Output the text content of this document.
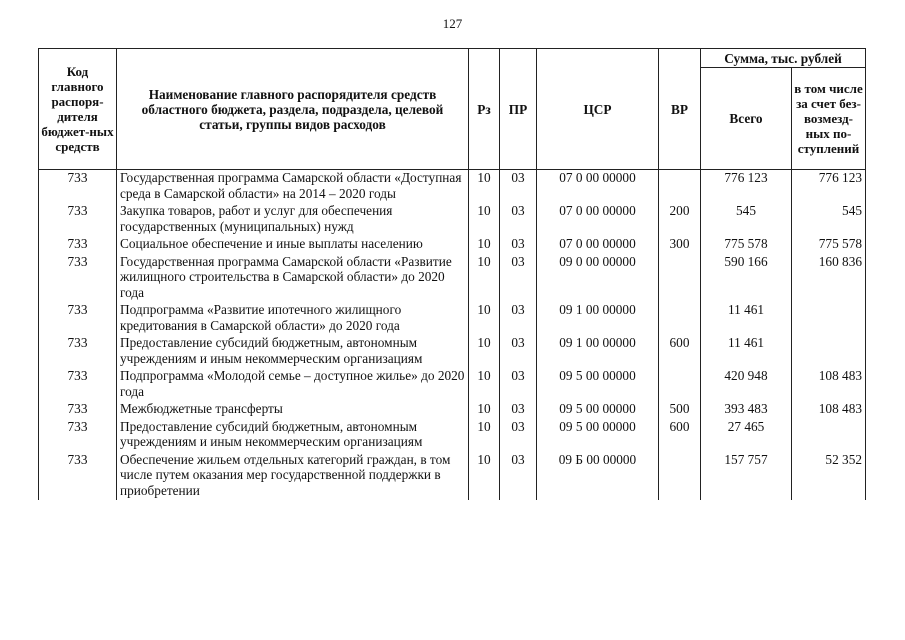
127
Код главного распоря-дителя бюджет-ных средств	Наименование главного распорядителя средств областного бюджета, раздела, подраздела, целевой статьи, группы видов расходов	Рз	ПР	ЦСР	ВР	Сумма, тыс. рублей	
						Всего	в том числе за счет без-возмезд-ных по-ступлений
733	Государственная программа Самарской области «Доступная среда в Самарской области» на 2014 – 2020 годы	10	03	07 0 00 00000		776 123	776 123
733	Закупка товаров, работ и услуг для обеспечения государственных (муниципальных) нужд	10	03	07 0 00 00000	200	545	545
733	Социальное обеспечение и иные выплаты населению	10	03	07 0 00 00000	300	775 578	775 578
733	Государственная программа Самарской области «Развитие жилищного строительства в Самарской области» до 2020 года	10	03	09 0 00 00000		590 166	160 836
733	Подпрограмма «Развитие ипотечного жилищного кредитования в Самарской области» до 2020 года	10	03	09 1 00 00000		11 461	
733	Предоставление субсидий бюджетным, автономным учреждениям и иным некоммерческим организациям	10	03	09 1 00 00000	600	11 461	
733	Подпрограмма «Молодой семье – доступное жилье» до 2020 года	10	03	09 5 00 00000		420 948	108 483
733	Межбюджетные трансферты	10	03	09 5 00 00000	500	393 483	108 483
733	Предоставление субсидий бюджетным, автономным учреждениям и иным некоммерческим организациям	10	03	09 5 00 00000	600	27 465	
733	Обеспечение жильем отдельных категорий граждан, в том числе путем оказания мер государственной поддержки в приобретении	10	03	09 Б 00 00000		157 757	52 352
